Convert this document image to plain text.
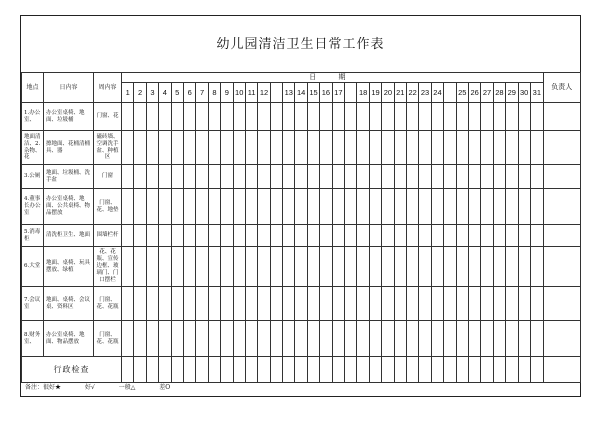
幼儿园清洁卫生日常工作表
地点	日内容	周内容	日 期																																		负责人
			1	2	3	4	5	6	7	8	9	10	11	12		13	14	15	16	17		18	19	20	21	22	23	24		25	26	27	28	29	30	31	
1.办公室、	办公室桌椅、地面、垃圾桶	门窗、花																																			
地面清洁、2. 杂物、花	擦地面、花桶清桶具、器	磁砖墙、空调洗手盆、种植区																																			
3.公厕	地面、垃圾桶、洗手盆	门窗																																			
4.董事长办公室	办公室桌椅、地面、公共桌椅、物品摆放	门窗、花、地垫																																			
5.消毒柜	清洗柜卫生、地面	围墙栏杆																																			
6.大堂	地面、桌椅、玩具摆放、绿植	花、花瓶、宣传边框、玻璃门、门口摆栏																																			
7.会议室	地面、桌椅、会议桌、资料区	门窗、花、花瓶																																			
8.财务室、	办公室桌椅、地面、物品摆放	门窗、花、花瓶																																			
行政检查																																					
备注：很好★	好√	一般△	差O
